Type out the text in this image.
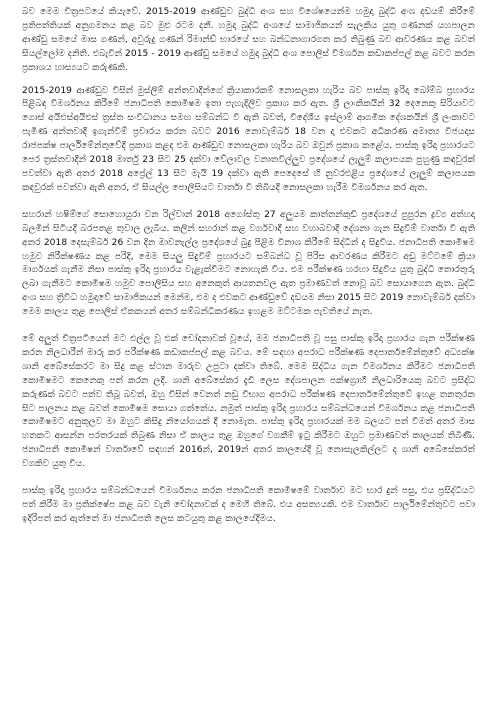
බව මෙම චිත්‍රපටයේ කියැවේ. 2015-2019 ආණ්ඩුව බුද්ධි අංශ සහ විශේෂයෙන්ම හමුදා බුද්ධි අංශ දඩයම් කිරීමේ ප්‍රතිපත්තියක් අනුගමනය කළ බව මුළු රටම දනී. හමුදා බුද්ධි අංශයේ සාමාජිකයන් සැලකිය යුතු ගණනක් යහපාලන ආණ්ඩු සමයේ මාස ගණන්, අවුරුදු ගණන් රිමාන්ඩ් භාරයේ සහ බන්ධනාගාරගත කර තිබුණු බව ආවරණය කළ බවත් සියල්ලෝම දනිති. එබැවින් 2015 - 2019 ආණ්ඩු සමයේ හමුදා බුද්ධි අංශ පොලිස් විමර්ශන කඩාකප්පල් කළ බවට කරන ප්‍රකාශය හාස්‍යයට කරුණකි.

2015-2019 ආණ්ඩුව විසින් මුස්ලිම් අන්තවාදීන්ගේ ක්‍රියාකාරකම් නොසලකා හැරිය බව පාස්කු ඉරිදා බෝම්බ ප්‍රහාරය පිළිබඳ විමර්ශනය කිරීමේ ජනාධිපති කොමිෂම ඉතා පැහැදිලිව ප්‍රකාශ කර ඇත. ශ්‍රී ලාංකිකයින් 32 දෙනෙකු සිරියාවට ගොස් අයිඑස්අයිඑස් ත්‍රස්ත සංවිධානය සමඟ සම්බන්ධ වී ඇති බවත්, විදේශීය ඉස්ලාම් ආගමික දේශකයින් ශ්‍රී ලංකාවට පැමිණ අන්තවාදී ඉගැන්වීම් ප්‍රචාරය කරන බවට 2016 නොවැම්බර් 18 වන දා එවකට අධිකරණ අමාත්‍ය විජයදාස රාජපක්ෂ පාර්ලිමේන්තුවේදී ප්‍රකාශ කළද එම ආණ්ඩුව නොසලකා හැරිය බව ඔවුන් ප්‍රකාශ කළේය. පාස්කු ඉරිදා ප්‍රහාරයට පෙර ත්‍රස්තවාදීන් 2018 මාර්තු 23 සිට 25 දක්වා වේලාවල වනාතවිල්ලුව ප්‍රදේශයේ ලැලුම් කලාපයක පුහුණු කඳවුරක් පවත්වා ඇති අතර 2018 අප්‍රේල් 13 සිට මැයි 19 දක්වා ඇති පෙදෙසේ හි නුවරඑළිය ප්‍රදේශයේ ලැලුම් කලාපයක කඳවුරක් පවත්වා ඇති අතර, ඒ සියල්ල පොලිසියට වාර්තා වී තිබියදී නොසලකා හැරීම විමර්ශනය කර ඇත.

සහරාන් හෂිම්ගේ සොහොයුරා වන රිල්වාන් 2018 අගෝස්තු 27 අලුයම කාත්තන්කුඩි ප්‍රදේශයේ පුපුරන ද්‍රව්‍ය අත්හදා බලමින් සිටියදී බරපතළ තුවාල ලැබීය. කලින් සහරාන් කළ වර්ගවාදී සහ වහාබවාදී දේශනා ගැන සිදුවීම් වාර්තා වී ඇති අතර 2018 දෙසැම්බර් 26 වන දින මාවනැල්ල ප්‍රදේශයේ බුදු පිළිම විනාශ කිරීමේ සිද්ධීන් ද සිදුවිය. ජනාධිපති කොමිෂම හමුව නිරීක්ෂණය කළ පරිදි, මෙම සියලු සිදුවීම් ප්‍රහාරයට සම්බන්ධ වූ පිරිස ආවරණය කිරීමට අඩු මට්ටමේ ක්‍රියා මාර්ගයක් ගැනීම නිසා පාස්කු ඉරිදා ප්‍රහාරය වැළැක්වීමට නොහැකි විය. එම පරීක්ෂණ හරහා සිදුවිය යුතු බුද්ධි තොරතුරු ලබා ගැනීමට කොමිෂම හමුව පොලිසිය සහ අනෙකුත් ආයතනවල ඇත ප්‍රමාණවත් නොවූ බව සොයාගෙන ඇත. බුද්ධි අංශ සහ ත්‍රිවිධ හමුදාවේ සාමාජිකයන් මෙන්ම, එම ද එවකට ආණ්ඩුවේ දඩයම නිසා 2015 සිට 2019 නොවැම්බර් දක්වා මෙම කාලය තුළ පොලිස් ඒකකයන් අතර සම්බන්ධීකරණය ඉහළම මට්ටමක පැවතියේ නැත.

මේ අලුත් චිත්‍රපටියෙන් මට එල්ල වූ එක් චෝදනාවක් වූයේ, මම ජනාධිපති වූ පසු පාස්කු ඉරිදා ප්‍රහාරය ගැන පරීක්ෂණ කරන නිලධාරීන් මාරු කර පරීක්ෂණ කඩාකප්පල් කළ බවය. මේ සඳහා අපරාධ පරීක්ෂණ දෙපාර්තමේන්තුවේ අධ්‍යක්ෂ ශානි අබේසේකරට මා සිදු කළ ස්ථාන මාරුව උපුටා දක්වා තිබේ. මෙම සිද්ධිය ගැන විමර්ශනය කිරීමට ජනාධිපති කොමිෂමට කෙනෙකු පත් කරන ලදී. ශානි අබේසේකර දැඩි ලෙස දේශපාලන පක්ෂග්‍රාහී නිලධාරියෙකු බවට ප්‍රසිද්ධ කරුණක් බවට පත්ව තිබූ බවත්, ඔහු විසින් වෙනත් නඩු විභාග අපරාධ පරීක්ෂණ දෙපාර්තමේන්තුවේ ඉහළ තනතුරක සිට පාලනය කළ බවත් කොමිෂම සොයා ගත්තේය. නමුත් පාස්කු ඉරිදා ප්‍රහාරය සම්බන්ධයෙන් විමර්ශනය කළ ජනාධිපති කොමිෂමට අනුකූලව මා ඔහුට කිසිදු නියෝගයක් දී නොමැත. පාස්කු ඉරිදා ප්‍රහාරයක් මම බලයට පත් වීමත් අතර මාස හතකට ආසන්න පරතරයක් තිබුණ නිසා ඒ කාලය තුළ ඔහුගේ වගකීම් ඉටු කිරීමට ඔහුට ප්‍රමාණවත් කාලයක් තිබිණි. ජනාධිපති කොමිෂන් වාර්තාවේ සඳහන් 2016න්, 2019න් අතර කාලයේදී වූ නොසැලකිල්ලට ද ශානි අබේසේකරත් වගකිව යුතු විය.

පාස්කු ඉරිදා ප්‍රහාරය සම්බන්ධයෙන් විමර්ශනය කරන ජනාධිපති කොමිෂමේ වාර්තාව මට භාර දුන් පසු, එය ප්‍රසිද්ධියට පත් කිරීම මා ප්‍රතික්ෂේප කළ බව වැනි චෝදනාවක් ද මෙහි තිබේ. එය අසත්‍යයකි. එම වාර්තාව පාර්ලිමේන්තුවට පවා ඉදිරිපත් කර ඇත්තේ මා ජනාධිපති ලෙස කටයුතු කළ කාලයේදීමය.
